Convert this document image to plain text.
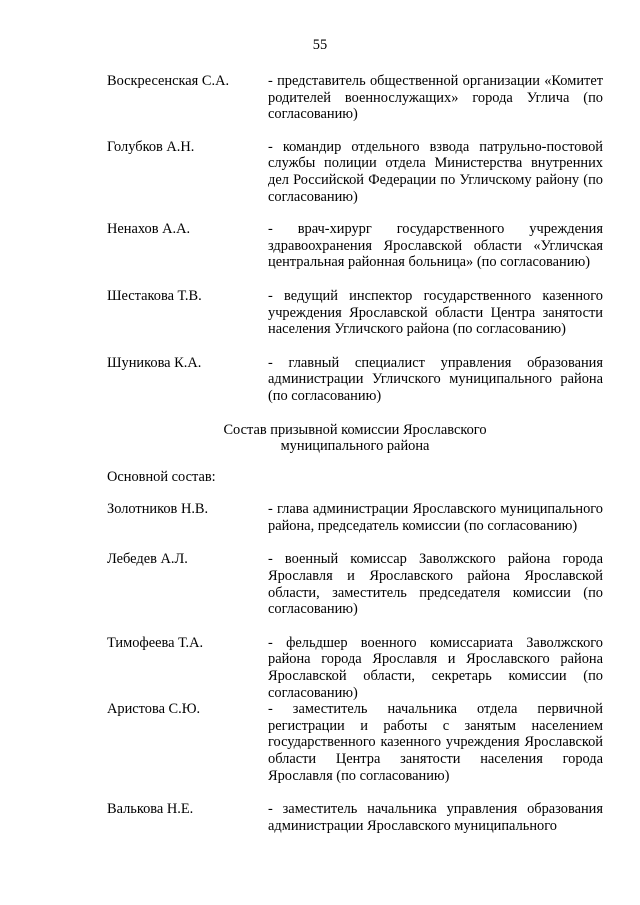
55
Воскресенская С.А.	- представитель общественной организации «Комитет родителей военнослужащих» города Углича (по согласованию)
Голубков А.Н.	- командир отдельного взвода патрульно-постовой службы полиции отдела Министерства внутренних дел Российской Федерации по Угличскому району (по согласованию)
Ненахов А.А.	- врач-хирург государственного учреждения здравоохранения Ярославской области «Угличская центральная районная больница» (по согласованию)
Шестакова Т.В.	- ведущий инспектор государственного казенного учреждения Ярославской области Центра занятости населения Угличского района (по согласованию)
Шуникова К.А.	- главный специалист управления образования администрации Угличского муниципального района (по согласованию)
Состав призывной комиссии Ярославского
муниципального района
Основной состав:
Золотников Н.В.	- глава администрации Ярославского муниципального района, председатель комиссии (по согласованию)
Лебедев А.Л.	- военный комиссар Заволжского района города Ярославля и Ярославского района Ярославской области, заместитель председателя комиссии (по согласованию)
Тимофеева Т.А.	- фельдшер военного комиссариата Заволжского района города Ярославля и Ярославского района Ярославской области, секретарь комиссии (по согласованию)
Аристова С.Ю.	- заместитель начальника отдела первичной регистрации и работы с занятым населением государственного казенного учреждения Ярославской области Центра занятости населения города Ярославля (по согласованию)
Валькова Н.Е.	- заместитель начальника управления образования администрации Ярославского муниципального
